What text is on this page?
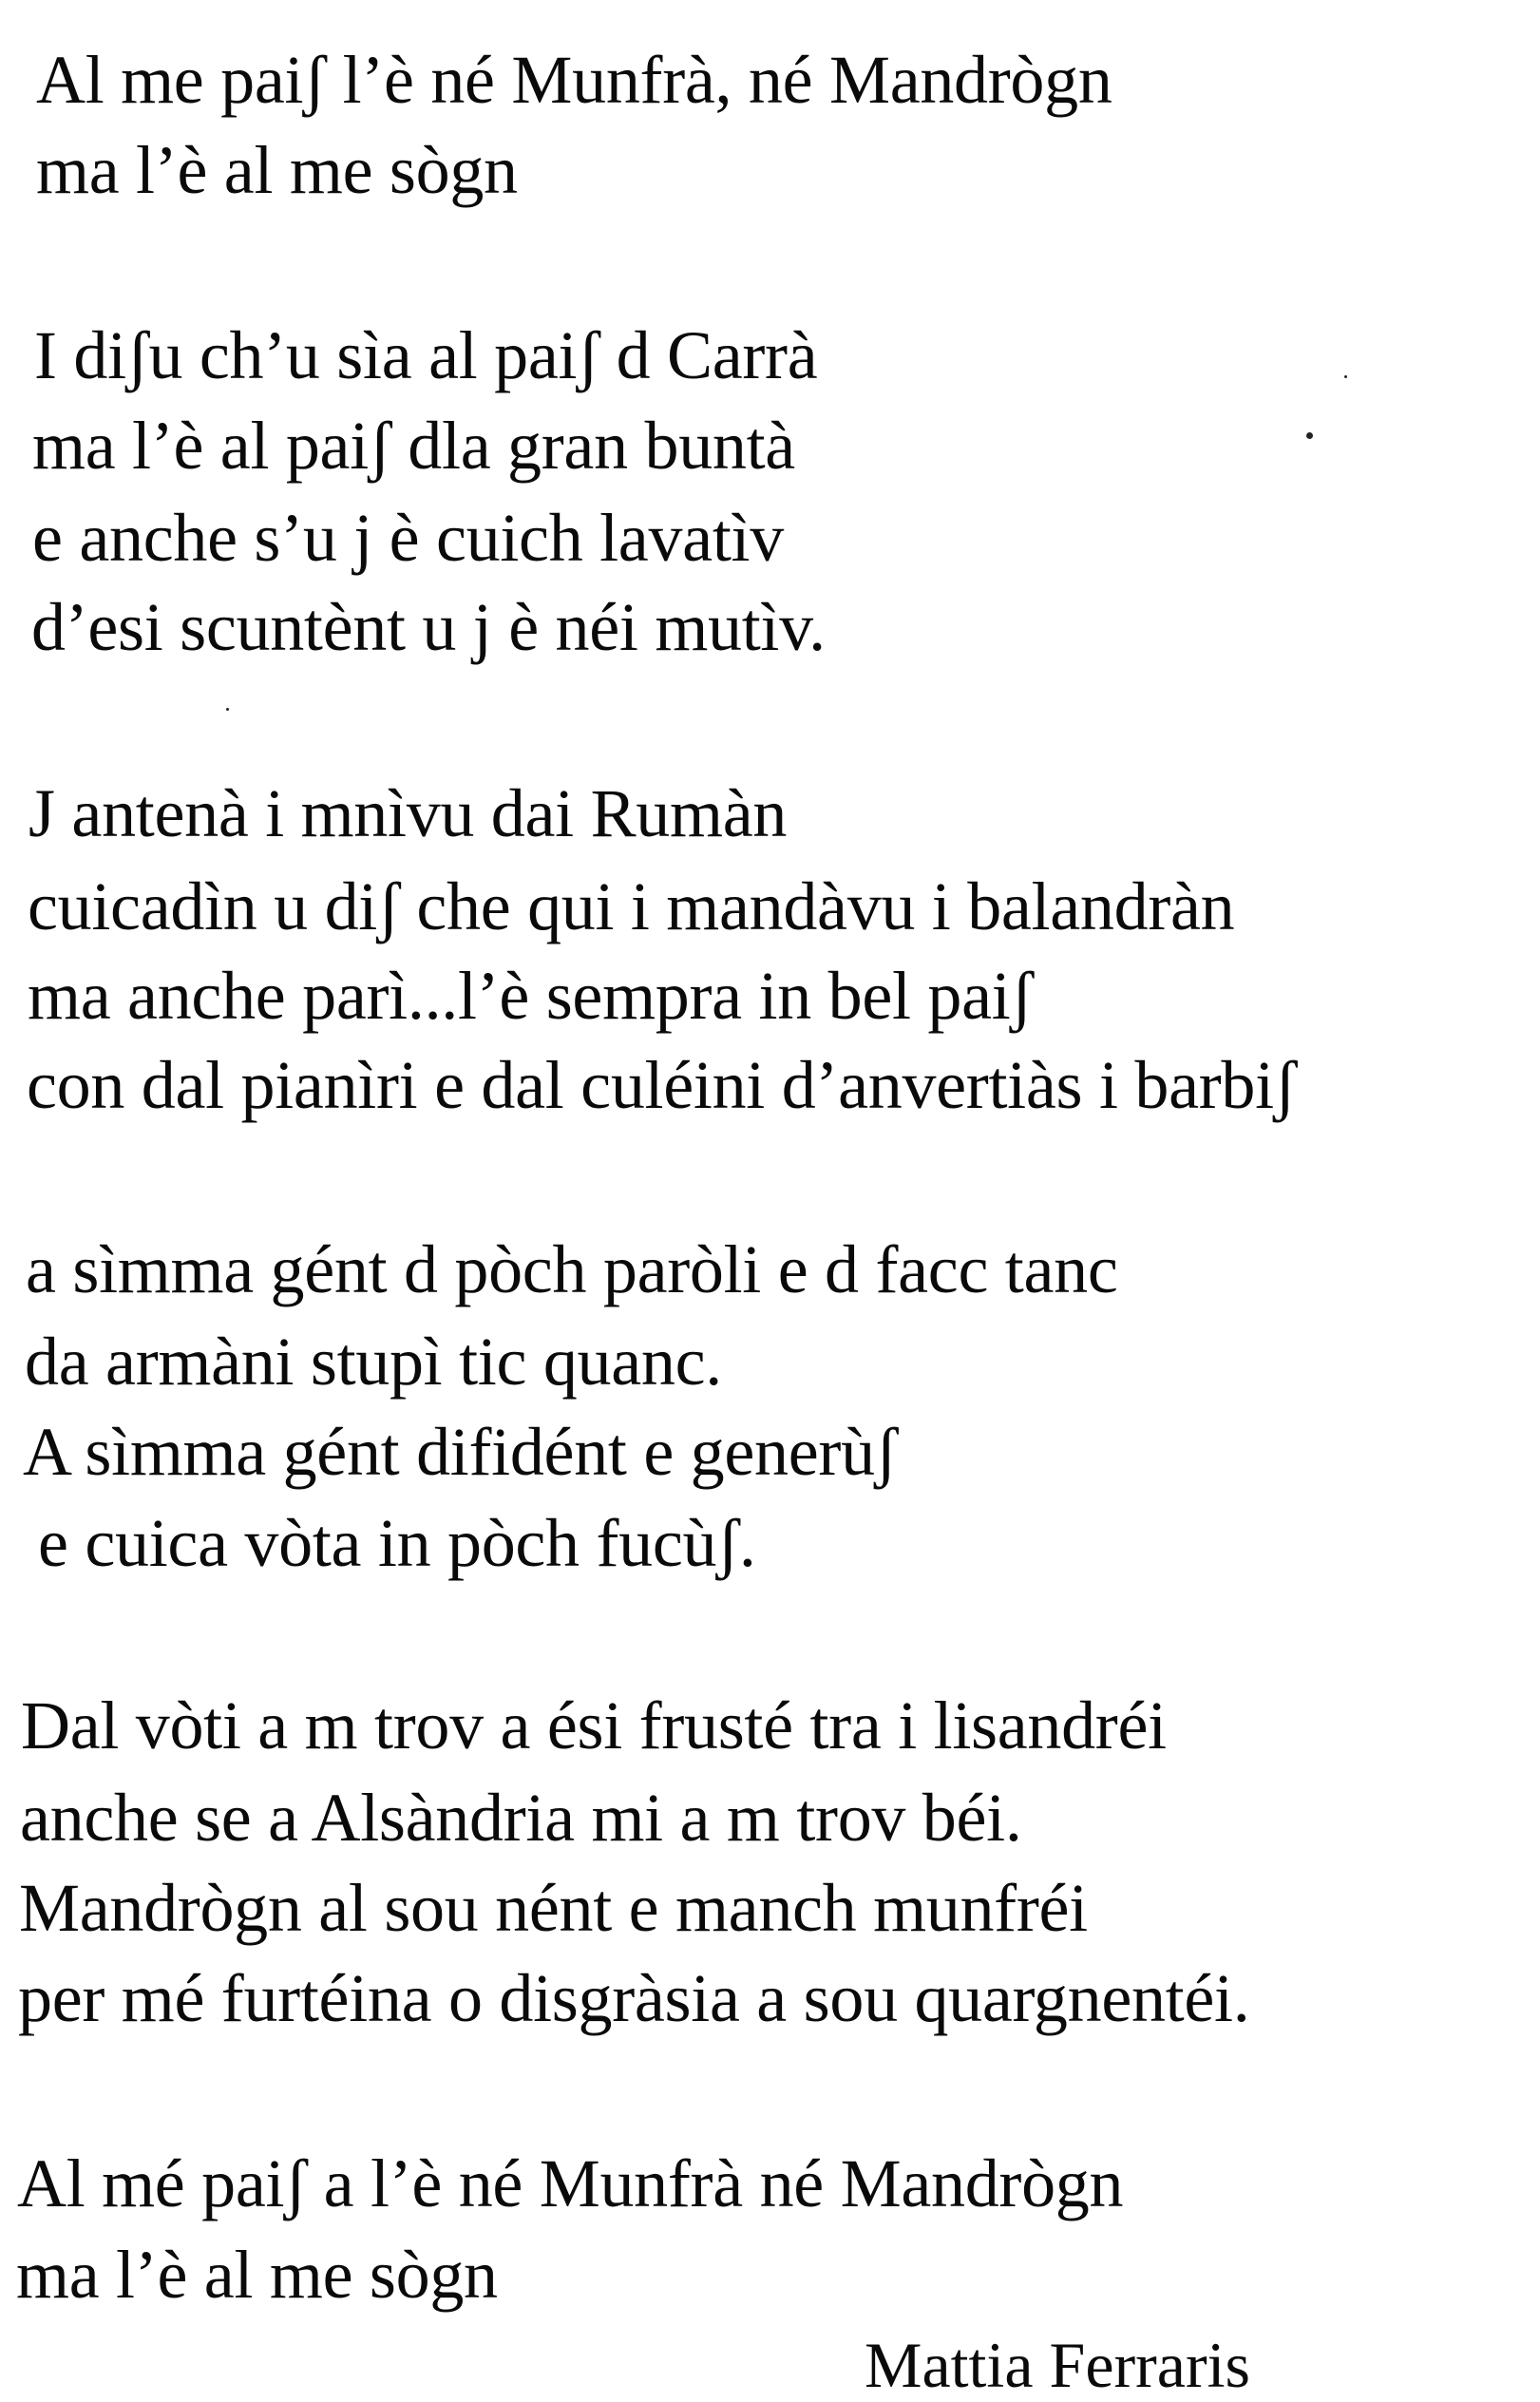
Al me paiʃ l’è né Munfrà, né Mandrògn
ma l’è al me sògn
I diʃu ch’u sìa al paiʃ d Carrà
ma l’è al paiʃ dla gran buntà
e anche s’u j è cuich lavatìv
d’esi scuntènt u j è néi mutìv.
J antenà i mnìvu dai Rumàn
cuicadìn u diʃ che qui i mandàvu i balandràn
ma anche parì...l’è sempra in bel paiʃ
con dal pianìri e dal culéini d’anvertiàs i barbiʃ
a sìmma gént d pòch paròli e d facc tanc
da armàni stupì tic quanc.
A sìmma gént difidént e generùʃ
e cuica vòta in pòch fucùʃ.
Dal vòti a m trov a ési frusté tra i lisandréi
anche se a Alsàndria mi a m trov béi.
Mandrògn al sou nént e manch munfréi
per mé furtéina o disgràsia a sou quargnentéi.
Al mé paiʃ a l’è né Munfrà né Mandrògn
ma l’è al me sògn
Mattia Ferraris
